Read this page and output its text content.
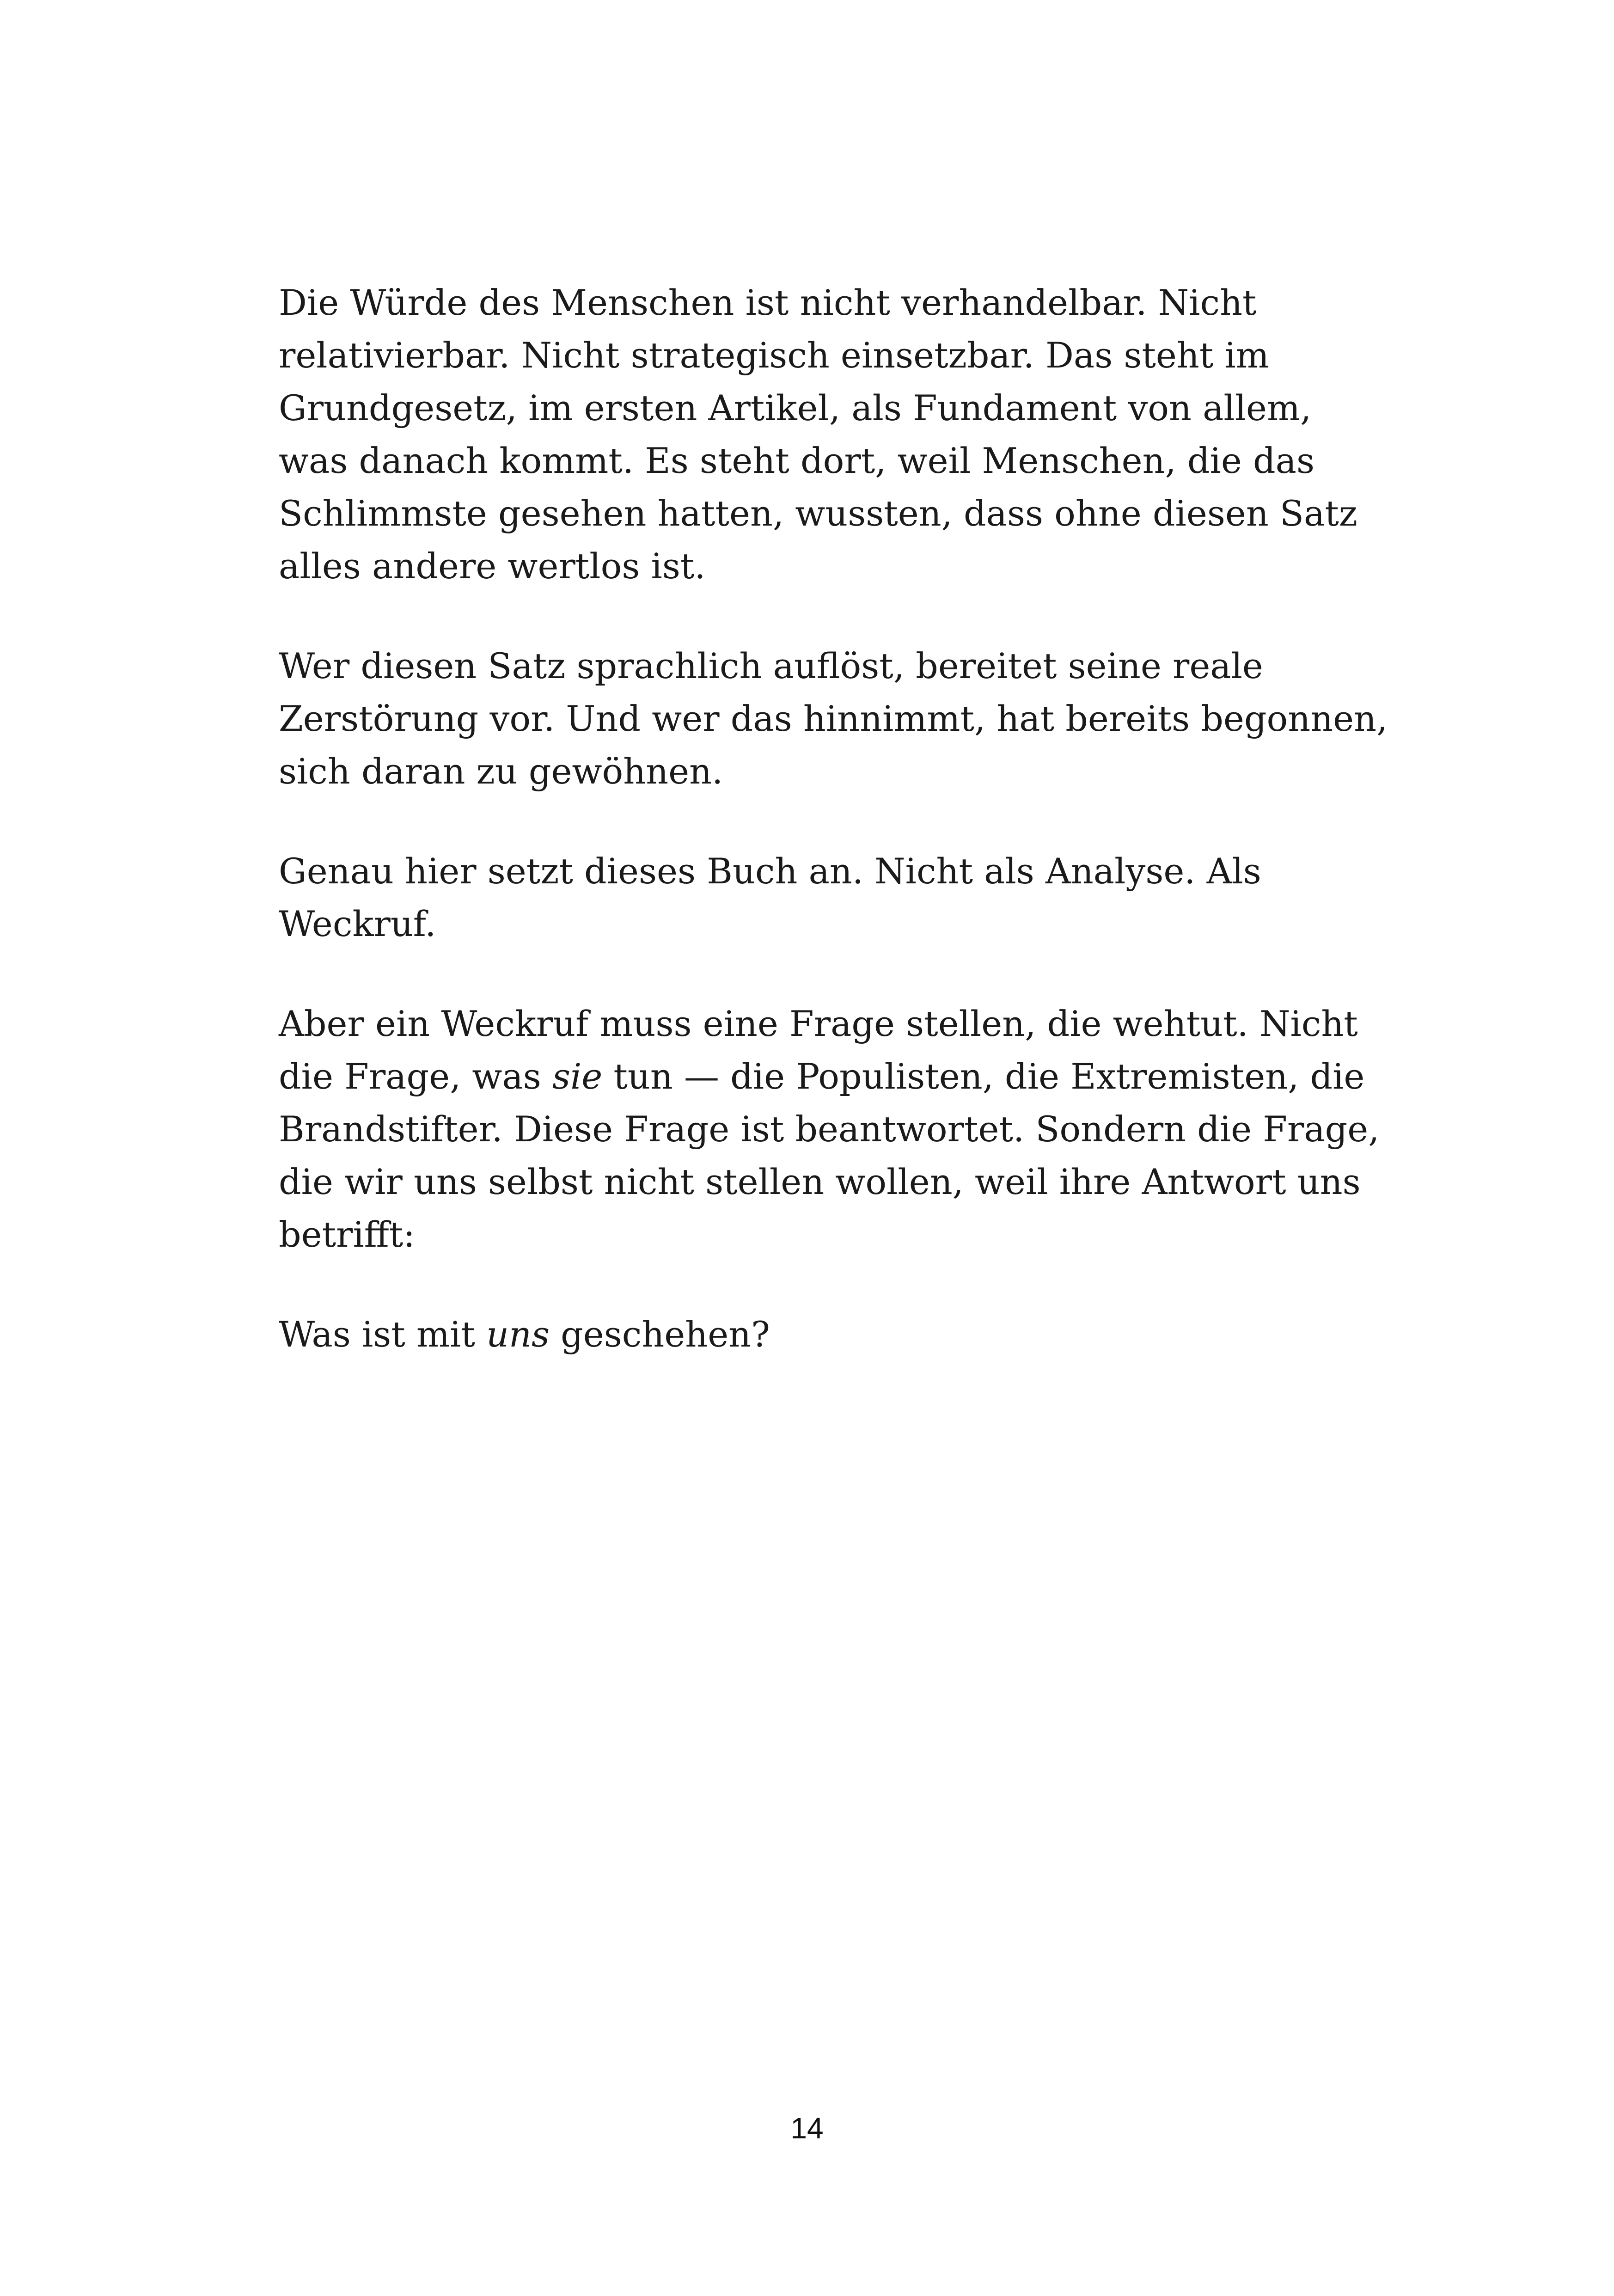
Die Würde des Menschen ist nicht verhandelbar. Nicht
relativierbar. Nicht strategisch einsetzbar. Das steht im
Grundgesetz, im ersten Artikel, als Fundament von allem,
was danach kommt. Es steht dort, weil Menschen, die das
Schlimmste gesehen hatten, wussten, dass ohne diesen Satz
alles andere wertlos ist.

Wer diesen Satz sprachlich auflöst, bereitet seine reale
Zerstörung vor. Und wer das hinnimmt, hat bereits begonnen,
sich daran zu gewöhnen.

Genau hier setzt dieses Buch an. Nicht als Analyse. Als
Weckruf.

Aber ein Weckruf muss eine Frage stellen, die wehtut. Nicht
die Frage, was sie tun — die Populisten, die Extremisten, die
Brandstifter. Diese Frage ist beantwortet. Sondern die Frage,
die wir uns selbst nicht stellen wollen, weil ihre Antwort uns
betrifft:

Was ist mit uns geschehen?

14
